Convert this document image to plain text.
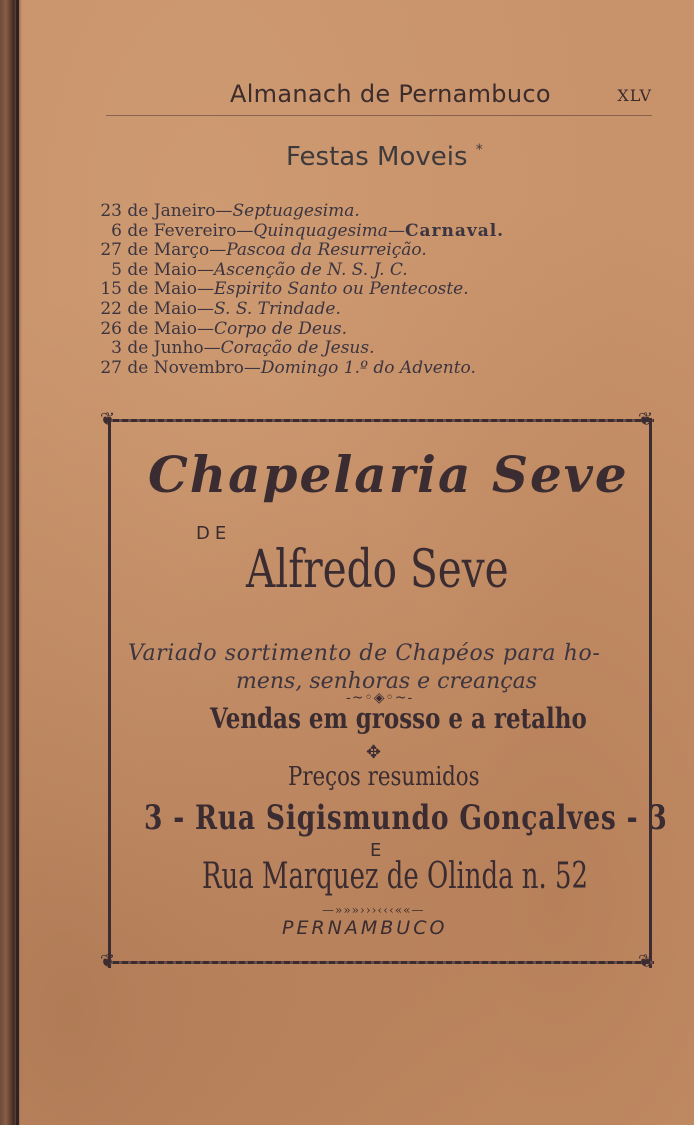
Almanach de Pernambuco	XLV
Festas Moveis *
23 de Janeiro—Septuagesima.
6 de Fevereiro—Quinquagesima—Carnaval.
27 de Março—Pascoa da Resurreição.
5 de Maio—Ascenção de N. S. J. C.
15 de Maio—Espirito Santo ou Pentecoste.
22 de Maio—S. S. Trindade.
26 de Maio—Corpo de Deus.
3 de Junho—Coração de Jesus.
27 de Novembro—Domingo 1.º do Advento.
❦	❦
❦	❦
Chapelaria Seve
DE
Alfredo Seve
Variado sortimento de Chapéos para ho-
mens, senhoras e creanças
-~◦◈◦~-
Vendas em grosso e a retalho
✥
Preços resumidos
3 - Rua Sigismundo Gonçalves - 3
E
Rua Marquez de Olinda n. 52
—»»»›››‹‹‹««—
PERNAMBUCO
